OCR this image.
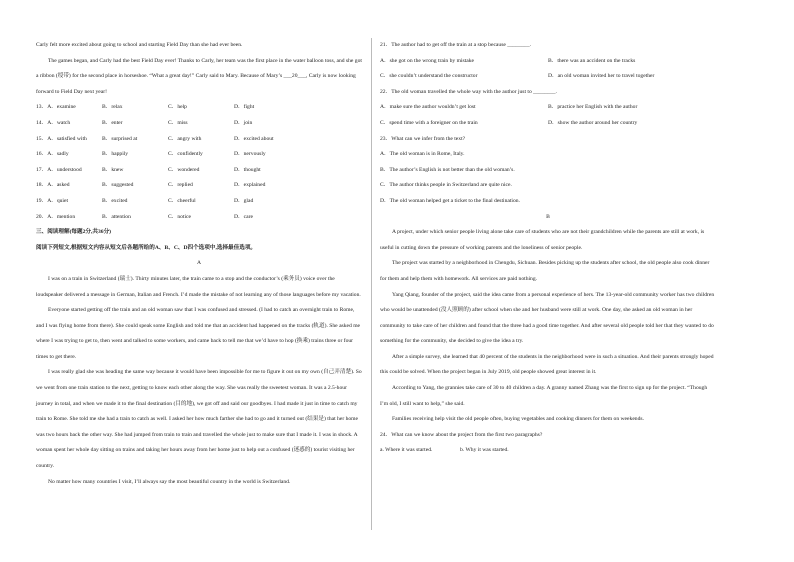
Carly felt more excited about going to school and starting Field Day than she had ever been.

The games began, and Carly had the best Field Day ever! Thanks to Carly, her team was the first place in the water balloon toss, and she got a ribbon (绶带) for the second place in horseshoe. “What a great day!” Carly said to Mary. Because of Mary’s ___20___, Carly is now looking forward to Field Day next year!

13．A．examine	B．relax	C．help	D．fight
14．A．watch	B．enter	C．miss	D．join
15．A．satisfied with	B．surprised at	C．angry with	D．excited about
16．A．sadly	B．happily	C．confidently	D．nervously
17．A．understood	B．knew	C．wondered	D．thought
18．A．asked	B．suggested	C．replied	D．explained
19．A．quiet	B．excited	C．cheerful	D．glad
20．A．mention	B．attention	C．notice	D．care

三、阅读理解(每题2分,共36分)

阅读下列短文,根据短文内容从短文后各题所给的A、B、C、D四个选项中,选择最佳选项。

A

I was on a train in Switzerland (瑞士). Thirty minutes later, the train came to a stop and the conductor’s (乘务员) voice over the loudspeaker delivered a message in German, Italian and French. I’d made the mistake of not learning any of those languages before my vacation.

Everyone started getting off the train and an old woman saw that I was confused and stressed. (I had to catch an overnight train to Rome, and I was flying home from there). She could speak some English and told me that an accident had happened on the tracks (轨道). She asked me where I was trying to get to, then went and talked to some workers, and came back to tell me that we’d have to hop (换乘) trains three or four times to get there.

I was really glad she was heading the same way because it would have been impossible for me to figure it out on my own (自己弄清楚). So we went from one train station to the next, getting to know each other along the way. She was really the sweetest woman. It was a 2.5-hour journey in total, and when we made it to the final destination (目的地), we got off and said our goodbyes. I had made it just in time to catch my train to Rome. She told me she had a train to catch as well. I asked her how much farther she had to go and it turned out (结果是) that her home was two hours back the other way. She had jumped from train to train and travelled the whole just to make sure that I made it. I was in shock. A woman spent her whole day sitting on trains and taking her hours away from her home just to help out a confused (迷惑的) tourist visiting her country.

No matter how many countries I visit, I’ll always say the most beautiful country in the world is Switzerland.

21．The author had to get off the train at a stop because ________.

A．she got on the wrong train by mistake	B．there was an accident on the tracks
C．she couldn’t understand the constructor	D．an old woman invited her to travel together

22．The old woman travelled the whole way with the author just to ________.

A．make sure the author wouldn’t get lost	B．practice her English with the author
C．spend time with a foreigner on the train	D．show the author around her country

23．What can we infer from the text?

A．The old woman is in Rome, Italy.

B．The author’s English is not better than the old woman’s.

C．The author thinks people in Switzerland are quite nice.

D．The old woman helped get a ticket to the final destination.

B

A project, under which senior people living alone take care of students who are not their grandchildren while the parents are still at work, is useful in cutting down the pressure of working parents and the loneliness of senior people.

The project was started by a neighborhood in Chengdu, Sichuan. Besides picking up the students after school, the old people also cook dinner for them and help them with homework. All services are paid nothing.

Yang Qiang, founder of the project, said the idea came from a personal experience of hers. The 13-year-old community worker has two children who would be unattended (没人照顾的) after school when she and her husband were still at work. One day, she asked an old woman in her community to take care of her children and found that the three had a good time together. And after several old people told her that they wanted to do something for the community, she decided to give the idea a try.

After a simple survey, she learned that 40 percent of the students in the neighborhood were in such a situation. And their parents strongly hoped this could be solved. When the project began in July 2019, old people showed great interest in it.

According to Yang, the grannies take care of 30 to 40 children a day. A granny named Zhang was the first to sign up for the project. “Though I’m old, I still want to help,” she said.

Families receiving help visit the old people often, buying vegetables and cooking dinners for them on weekends.

24．What can we know about the project from the first two paragraphs?

a. Where it was started.	b. Why it was started.
